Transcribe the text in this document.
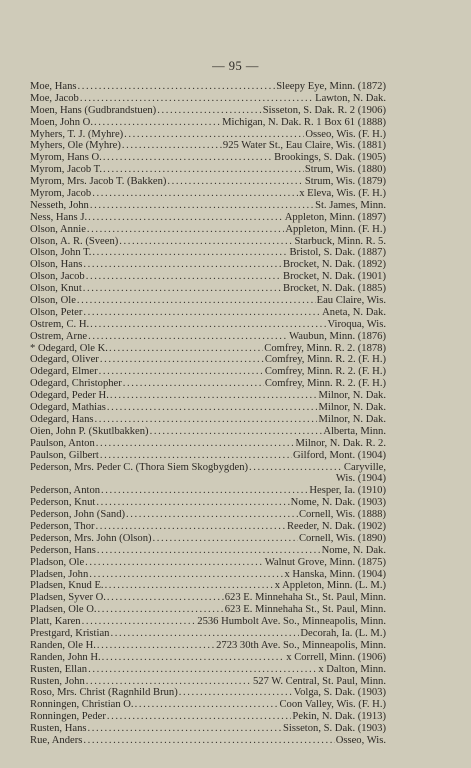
— 95 —
Moe, Hans .....	Sleepy Eye, Minn. (1872)
Moe, Jacob .....	Lawton, N. Dak.
Moen, Hans (Gudbrandstuen) .....	Sisseton, S. Dak. R. 2 (1906)
Moen, John O. .....	Michigan, N. Dak. R. 1 Box 61 (1888)
Myhers, T. J. (Myhre) .....	Osseo, Wis. (F. H.)
Myhers, Ole (Myhre) .....	925 Water St., Eau Claire, Wis. (1881)
Myrom, Hans O. .....	Brookings, S. Dak. (1905)
Myrom, Jacob T. .....	Strum, Wis. (1880)
Myrom, Mrs. Jacob T. (Bakken) .....	Strum, Wis. (1879)
Myrom, Jacob .....	x Eleva, Wis. (F. H.)
Nesseth, John .....	St. James, Minn.
Ness, Hans J. .....	Appleton, Minn. (1897)
Olson, Annie .....	Appleton, Minn. (F. H.)
Olson, A. R. (Sveen) .....	Starbuck, Minn. R. 5.
Olson, John T. .....	Bristol, S. Dak. (1887)
Olson, Hans .....	Brocket, N. Dak. (1892)
Olson, Jacob .....	Brocket, N. Dak. (1901)
Olson, Knut .....	Brocket, N. Dak. (1885)
Olson, Ole .....	Eau Claire, Wis.
Olson, Peter .....	Aneta, N. Dak.
Ostrem, C. H. .....	Viroqua, Wis.
Ostrem, Arne .....	Waubun, Minn. (1876)
* Odegard, Ole K. .....	Comfrey, Minn. R. 2. (1878)
Odegard, Oliver .....	Comfrey, Minn. R. 2. (F. H.)
Odegard, Elmer .....	Comfrey, Minn. R. 2. (F. H.)
Odegard, Christopher .....	Comfrey, Minn. R. 2. (F. H.)
Odegard, Peder H. .....	Milnor, N. Dak.
Odegard, Mathias .....	Milnor, N. Dak.
Odegard, Hans .....	Milnor, N. Dak.
Oien, John P. (Skutlbakken) .....	Alberta, Minn.
Paulson, Anton .....	Milnor, N. Dak. R. 2.
Paulson, Gilbert .....	Gilford, Mont. (1904)
Pederson, Mrs. Peder C. (Thora Siem Skogbygden) .....	Caryville,
Wis. (1904)
Pederson, Anton .....	Hesper, Ia. (1910)
Pederson, Knut .....	Nome, N. Dak. (1903)
Pederson, John (Sand) .....	Cornell, Wis. (1888)
Pederson, Thor .....	Reeder, N. Dak. (1902)
Pederson, Mrs. John (Olson) .....	Cornell, Wis. (1890)
Pederson, Hans .....	Nome, N. Dak.
Pladson, Ole .....	Walnut Grove, Minn. (1875)
Pladsen, John .....	x Hanska, Minn. (1904)
Pladsen, Knud E. .....	x Appleton, Minn. (L. M.)
Pladsen, Syver O. .....	623 E. Minnehaha St., St. Paul, Minn.
Pladsen, Ole O. .....	623 E. Minnehaha St., St. Paul, Minn.
Platt, Karen .....	2536 Humbolt Ave. So., Minneapolis, Minn.
Prestgard, Kristian .....	Decorah, Ia. (L. M.)
Randen, Ole H. .....	2723 30th Ave. So., Minneapolis, Minn.
Randen, John H. .....	x Correll, Minn. (1906)
Rusten, Ellan .....	x Dalton, Minn.
Rusten, John .....	527 W. Central, St. Paul, Minn.
Roso, Mrs. Christ (Ragnhild Brun) .....	Volga, S. Dak. (1903)
Ronningen, Christian O. .....	Coon Valley, Wis. (F. H.)
Ronningen, Peder .....	Pekin, N. Dak. (1913)
Rusten, Hans .....	Sisseton, S. Dak. (1903)
Rue, Anders .....	Osseo, Wis.
